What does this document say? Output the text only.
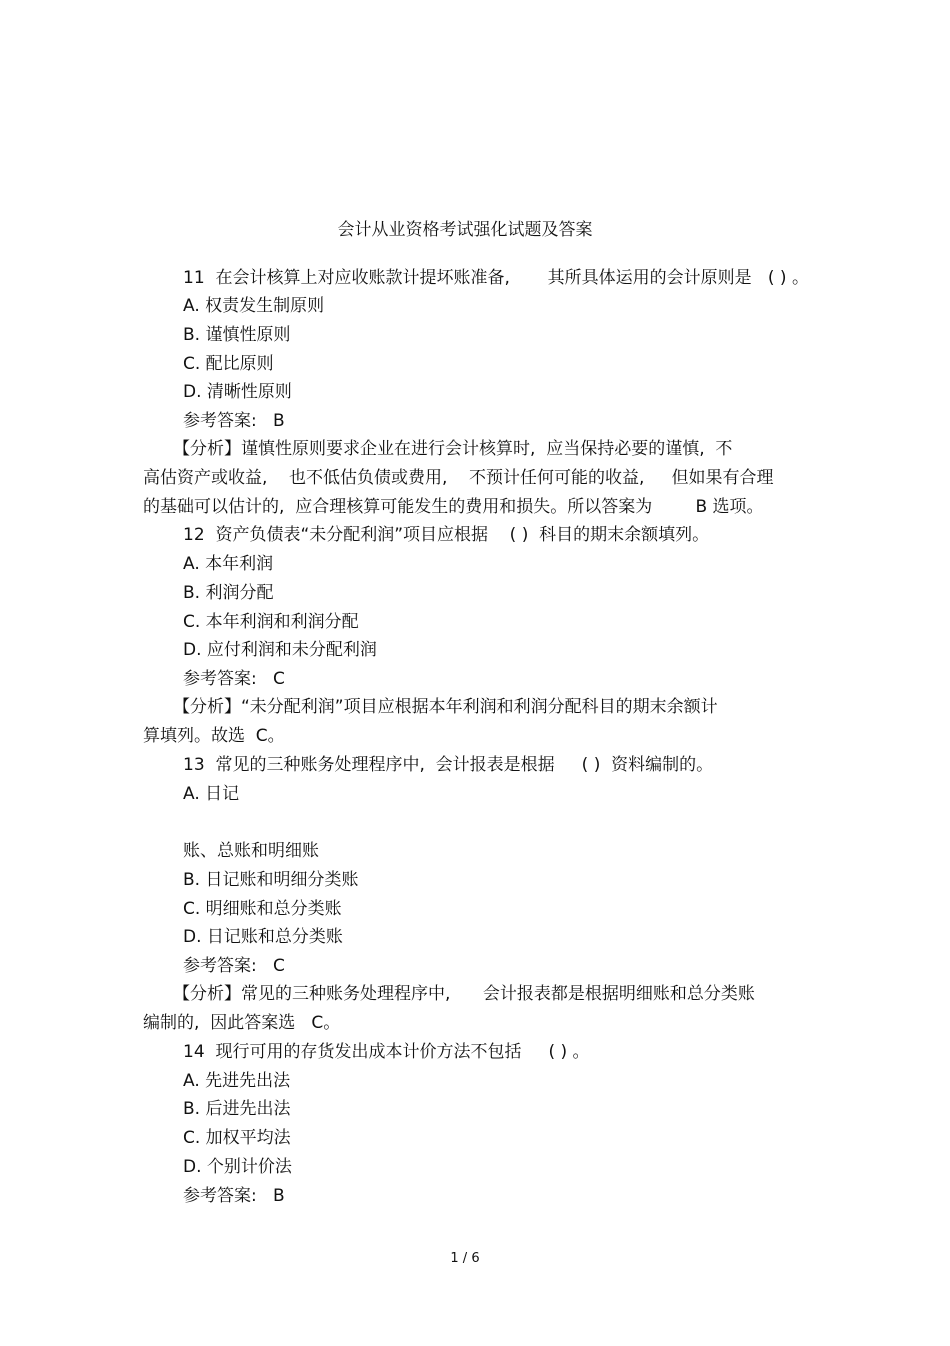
会计从业资格考试强化试题及答案

11  在会计核算上对应收账款计提坏账准备,       其所具体运用的会计原则是   ( ) 。

A. 权责发生制原则

B. 谨慎性原则

C. 配比原则

D. 清晰性原则

参考答案:   B

【分析】谨慎性原则要求企业在进行会计核算时,  应当保持必要的谨慎,  不

高估资产或收益,    也不低估负债或费用,    不预计任何可能的收益,     但如果有合理

的基础可以估计的,  应合理核算可能发生的费用和损失。所以答案为        B 选项。

12  资产负债表“未分配利润”项目应根据    ( )  科目的期末余额填列。

A. 本年利润

B. 利润分配

C. 本年利润和利润分配

D. 应付利润和未分配利润

参考答案:   C

【分析】“未分配利润”项目应根据本年利润和利润分配科目的期末余额计

算填列。故选  C。

13  常见的三种账务处理程序中,  会计报表是根据     ( )  资料编制的。

A. 日记

账、总账和明细账

B. 日记账和明细分类账

C. 明细账和总分类账

D. 日记账和总分类账

参考答案:   C

【分析】常见的三种账务处理程序中,      会计报表都是根据明细账和总分类账

编制的,  因此答案选   C。

14  现行可用的存货发出成本计价方法不包括     ( ) 。

A. 先进先出法

B. 后进先出法

C. 加权平均法

D. 个别计价法

参考答案:   B

1 / 6
